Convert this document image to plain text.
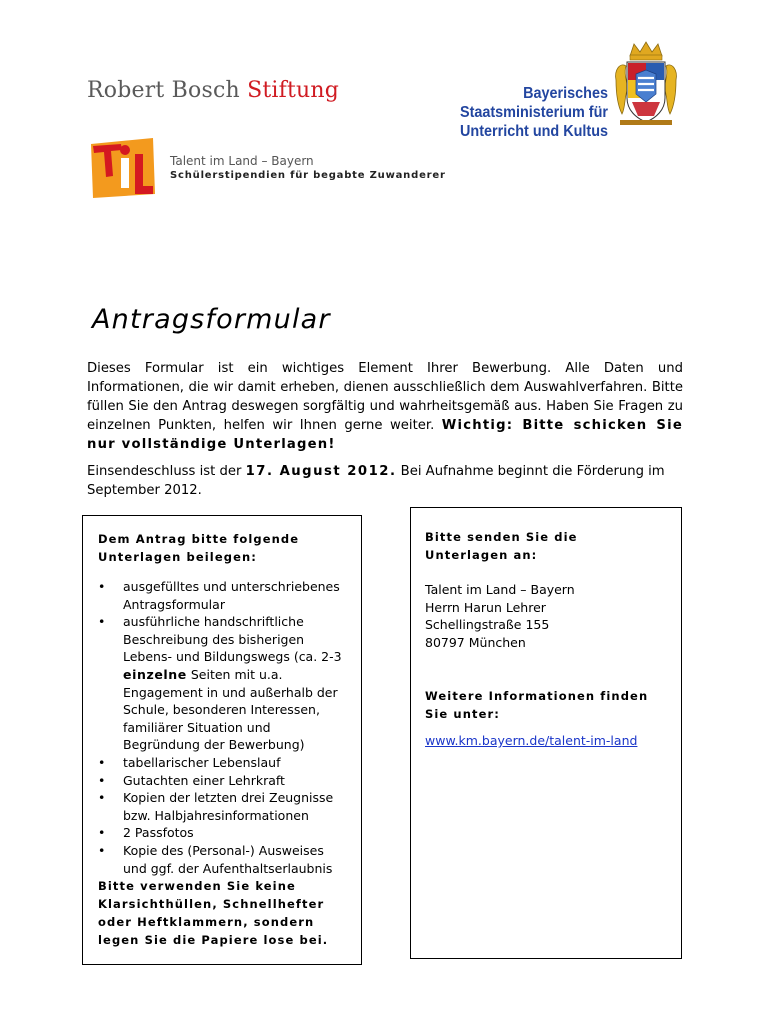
Robert Bosch Stiftung	Bayerisches Staatsministerium für
Unterricht und Kultus
Talent im Land – Bayern
Schülerstipendien für begabte Zuwanderer
Antragsformular
Dieses Formular ist ein wichtiges Element Ihrer Bewerbung. Alle Daten und Informationen, die wir damit erheben, dienen ausschließlich dem Auswahlverfahren. Bitte füllen Sie den Antrag deswegen sorgfältig und wahrheitsgemäß aus. Haben Sie Fragen zu einzelnen Punkten, helfen wir Ihnen gerne weiter. Wichtig: Bitte schicken Sie nur vollständige Unterlagen!
Einsendeschluss ist der 17. August 2012. Bei Aufnahme beginnt die Förderung im September 2012.
Dem Antrag bitte folgende Unterlagen beilegen:
• ausgefülltes und unterschriebenes Antragsformular
• ausführliche handschriftliche Beschreibung des bisherigen Lebens- und Bildungswegs (ca. 2-3 einzelne Seiten mit u.a. Engagement in und außerhalb der Schule, besonderen Interessen, familiärer Situation und Begründung der Bewerbung)
• tabellarischer Lebenslauf
• Gutachten einer Lehrkraft
• Kopien der letzten drei Zeugnisse bzw. Halbjahresinformationen
• 2 Passfotos
• Kopie des (Personal-) Ausweises und ggf. der Aufenthaltserlaubnis
Bitte verwenden Sie keine Klarsichthüllen, Schnellhefter oder Heftklammern, sondern legen Sie die Papiere lose bei.
Bitte senden Sie die Unterlagen an:
Talent im Land – Bayern
Herrn Harun Lehrer
Schellingstraße 155
80797 München
Weitere Informationen finden Sie unter:
www.km.bayern.de/talent-im-land
